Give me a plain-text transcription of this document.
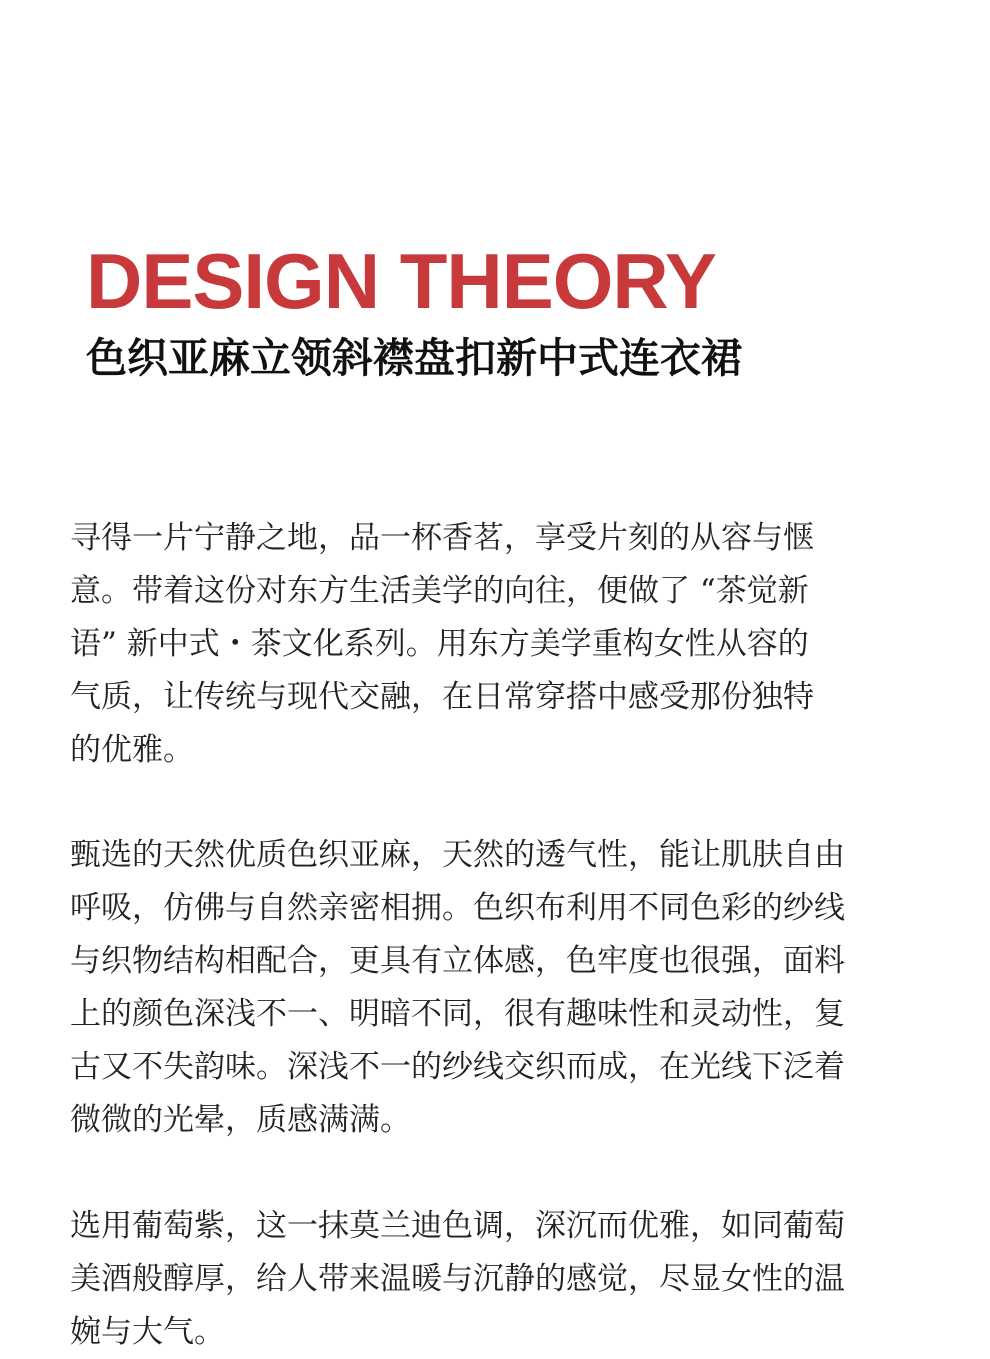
DESIGN THEORY
色织亚麻立领斜襟盘扣新中式连衣裙

寻得一片宁静之地，品一杯香茗，享受片刻的从容与惬
意。带着这份对东方生活美学的向往，便做了 “茶觉新
语” 新中式・茶文化系列。用东方美学重构女性从容的
气质，让传统与现代交融，在日常穿搭中感受那份独特
的优雅。

甄选的天然优质色织亚麻，天然的透气性，能让肌肤自由
呼吸，仿佛与自然亲密相拥。色织布利用不同色彩的纱线
与织物结构相配合，更具有立体感，色牢度也很强，面料
上的颜色深浅不一、明暗不同，很有趣味性和灵动性，复
古又不失韵味。深浅不一的纱线交织而成，在光线下泛着
微微的光晕，质感满满。

选用葡萄紫，这一抹莫兰迪色调，深沉而优雅，如同葡萄
美酒般醇厚，给人带来温暖与沉静的感觉，尽显女性的温
婉与大气。
